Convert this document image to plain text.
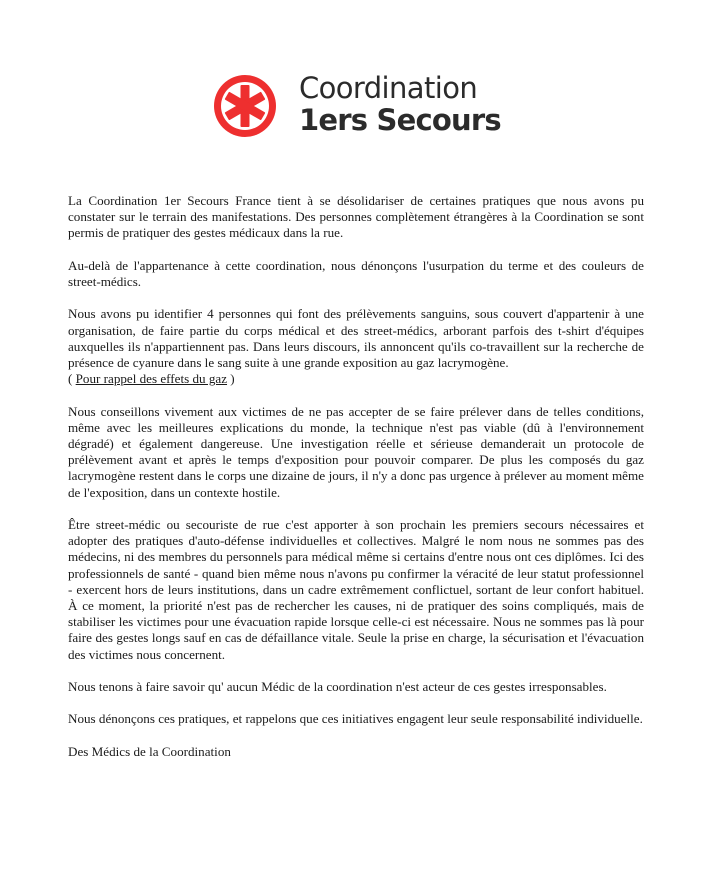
Coordination
1ers Secours

La Coordination 1er Secours France tient à se désolidariser de certaines pratiques que nous avons pu constater sur le terrain des manifestations. Des personnes complètement étrangères à la Coordination se sont permis de pratiquer des gestes médicaux dans la rue.

Au-delà de l'appartenance à cette coordination, nous dénonçons l'usurpation du terme et des couleurs de street-médics.

Nous avons pu identifier 4 personnes qui font des prélèvements sanguins, sous couvert d'appartenir à une organisation, de faire partie du corps médical et des street-médics, arborant parfois des t-shirt d'équipes auxquelles ils n'appartiennent pas. Dans leurs discours, ils annoncent qu'ils co-travaillent sur la recherche de présence de cyanure dans le sang suite à une grande exposition au gaz lacrymogène.
( Pour rappel des effets du gaz )

Nous conseillons vivement aux victimes de ne pas accepter de se faire prélever dans de telles conditions, même avec les meilleures explications du monde, la technique n'est pas viable (dû à l'environnement dégradé) et également dangereuse. Une investigation réelle et sérieuse demanderait un protocole de prélèvement avant et après le temps d'exposition pour pouvoir comparer. De plus les composés du gaz lacrymogène restent dans le corps une dizaine de jours, il n'y a donc pas urgence à prélever au moment même de l'exposition, dans un contexte hostile.

Être street-médic ou secouriste de rue c'est apporter à son prochain les premiers secours nécessaires et adopter des pratiques d'auto-défense individuelles et collectives. Malgré le nom nous ne sommes pas des médecins, ni des membres du personnels para médical même si certains d'entre nous ont ces diplômes. Ici des professionnels de santé - quand bien même nous n'avons pu confirmer la véracité de leur statut professionnel - exercent hors de leurs institutions, dans un cadre extrêmement conflictuel, sortant de leur confort habituel. À ce moment, la priorité n'est pas de rechercher les causes, ni de pratiquer des soins compliqués, mais de stabiliser les victimes pour une évacuation rapide lorsque celle-ci est nécessaire. Nous ne sommes pas là pour faire des gestes longs sauf en cas de défaillance vitale. Seule la prise en charge, la sécurisation et l'évacuation des victimes nous concernent.

Nous tenons à faire savoir qu' aucun Médic de la coordination n'est acteur de ces gestes irresponsables.

Nous dénonçons ces pratiques, et rappelons que ces initiatives engagent leur seule responsabilité individuelle.

Des Médics de la Coordination
